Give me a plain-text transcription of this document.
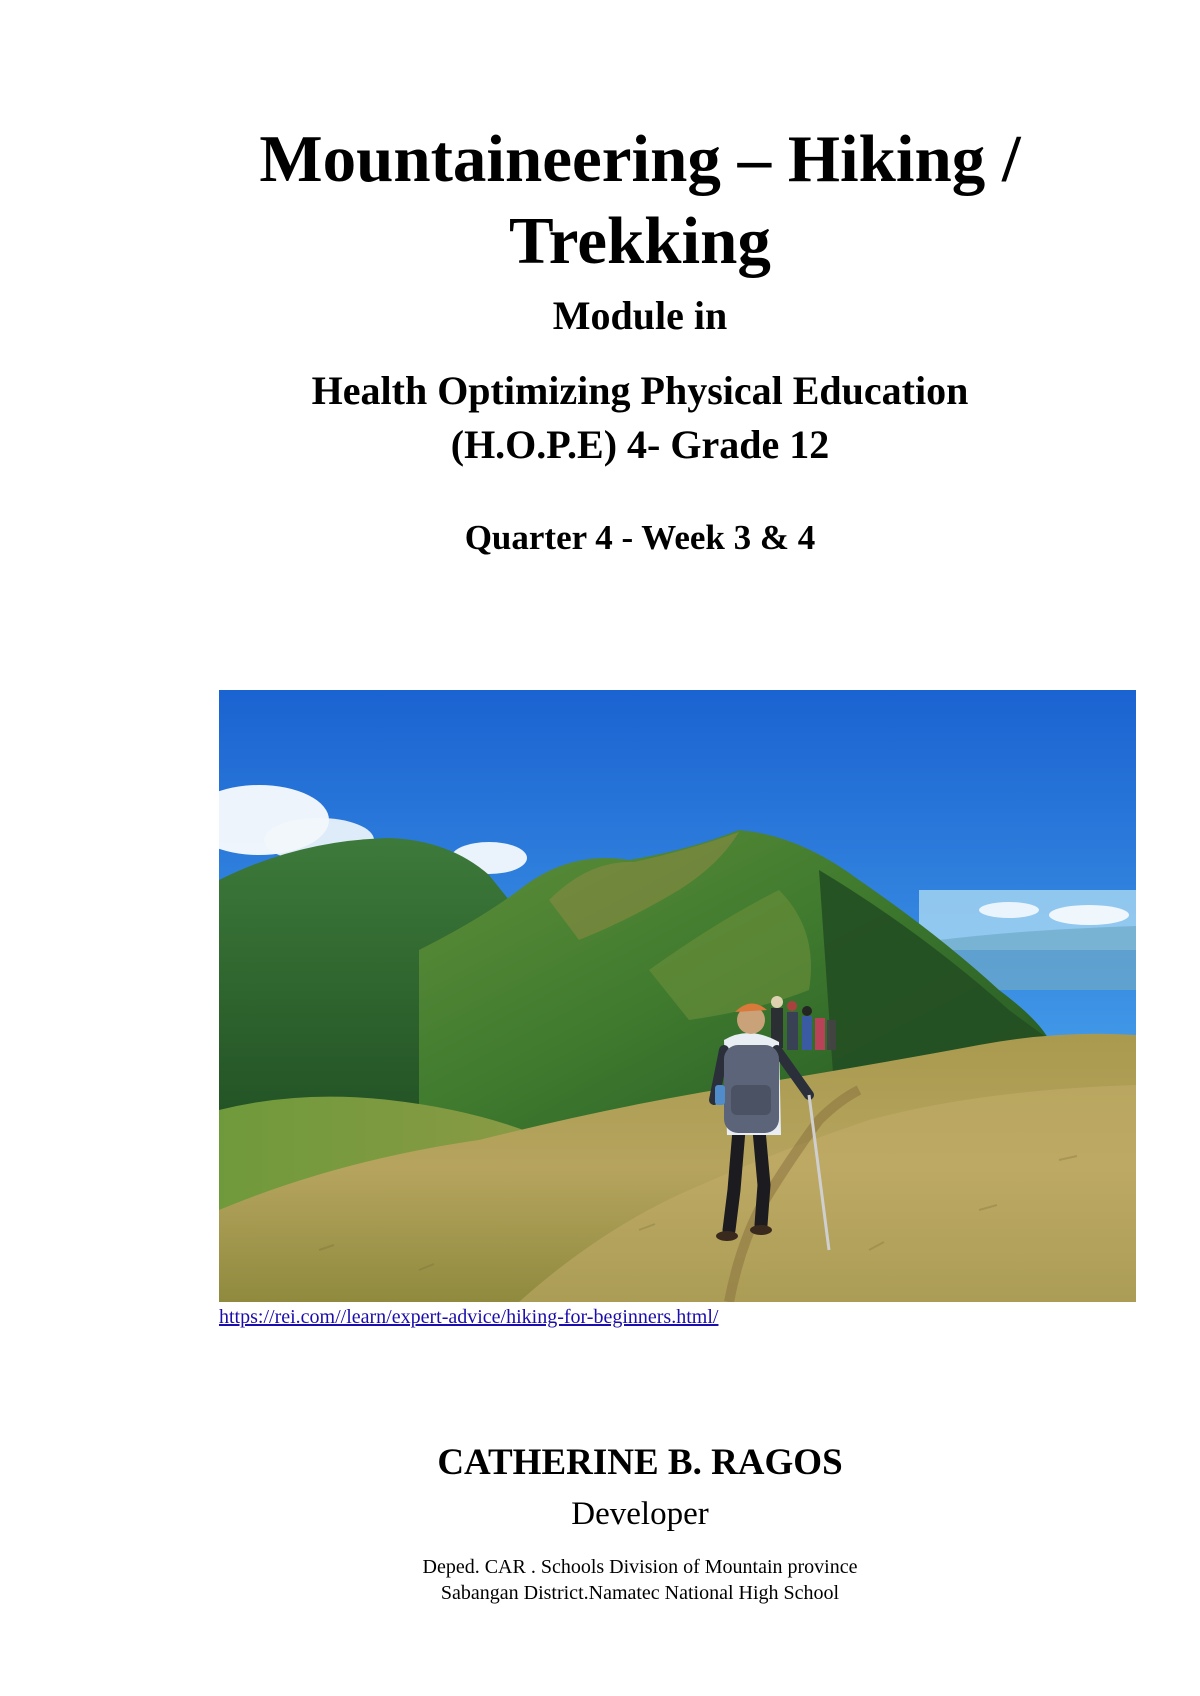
Mountaineering – Hiking /
Trekking
Module in
Health Optimizing Physical Education
(H.O.P.E) 4- Grade 12
Quarter 4 - Week 3 & 4
https://rei.com//learn/expert-advice/hiking-for-beginners.html/
CATHERINE B. RAGOS
Developer
Deped. CAR . Schools Division of Mountain province
Sabangan District.Namatec National High School
